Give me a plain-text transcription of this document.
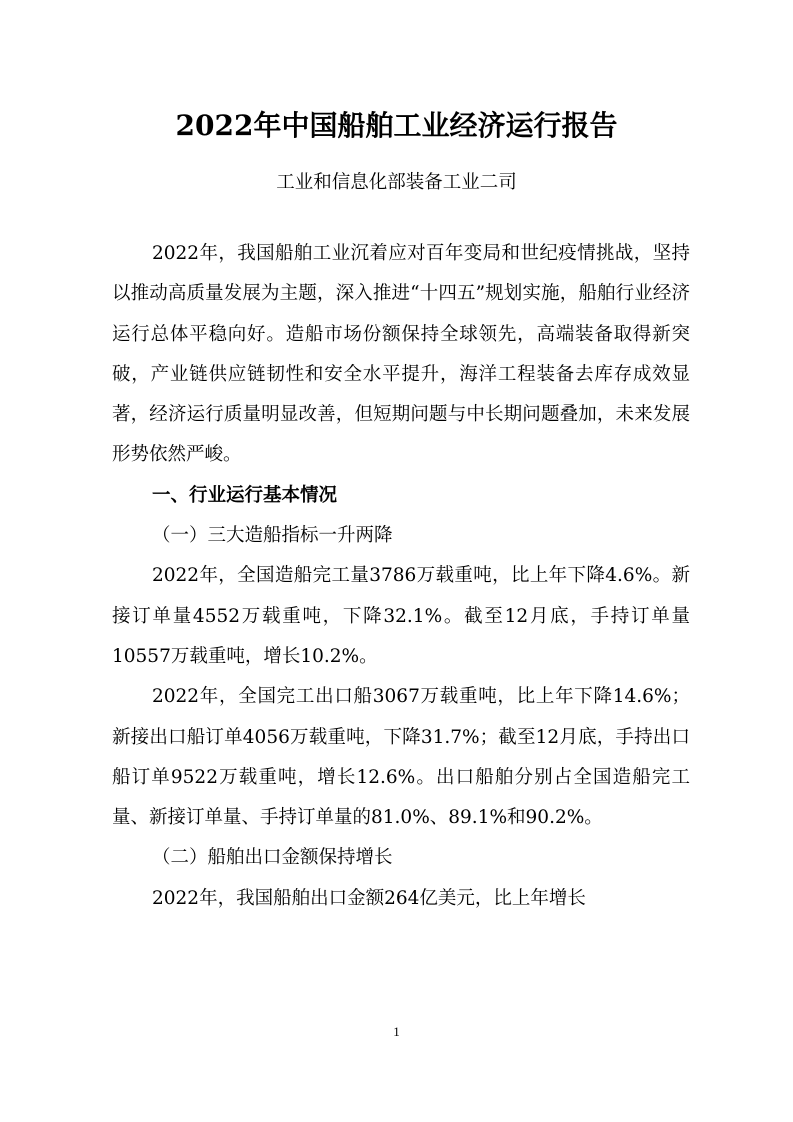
2022年中国船舶工业经济运行报告
工业和信息化部装备工业二司

2022年，我国船舶工业沉着应对百年变局和世纪疫情挑战，坚持以推动高质量发展为主题，深入推进“十四五”规划实施，船舶行业经济运行总体平稳向好。造船市场份额保持全球领先，高端装备取得新突破，产业链供应链韧性和安全水平提升，海洋工程装备去库存成效显著，经济运行质量明显改善，但短期问题与中长期问题叠加，未来发展形势依然严峻。

一、行业运行基本情况

（一）三大造船指标一升两降

2022年，全国造船完工量3786万载重吨，比上年下降4.6%。新接订单量4552万载重吨，下降32.1%。截至12月底，手持订单量10557万载重吨，增长10.2%。

2022年，全国完工出口船3067万载重吨，比上年下降14.6%；新接出口船订单4056万载重吨，下降31.7%；截至12月底，手持出口船订单9522万载重吨，增长12.6%。出口船舶分别占全国造船完工量、新接订单量、手持订单量的81.0%、89.1%和90.2%。

（二）船舶出口金额保持增长

2022年，我国船舶出口金额264亿美元，比上年增长

1
